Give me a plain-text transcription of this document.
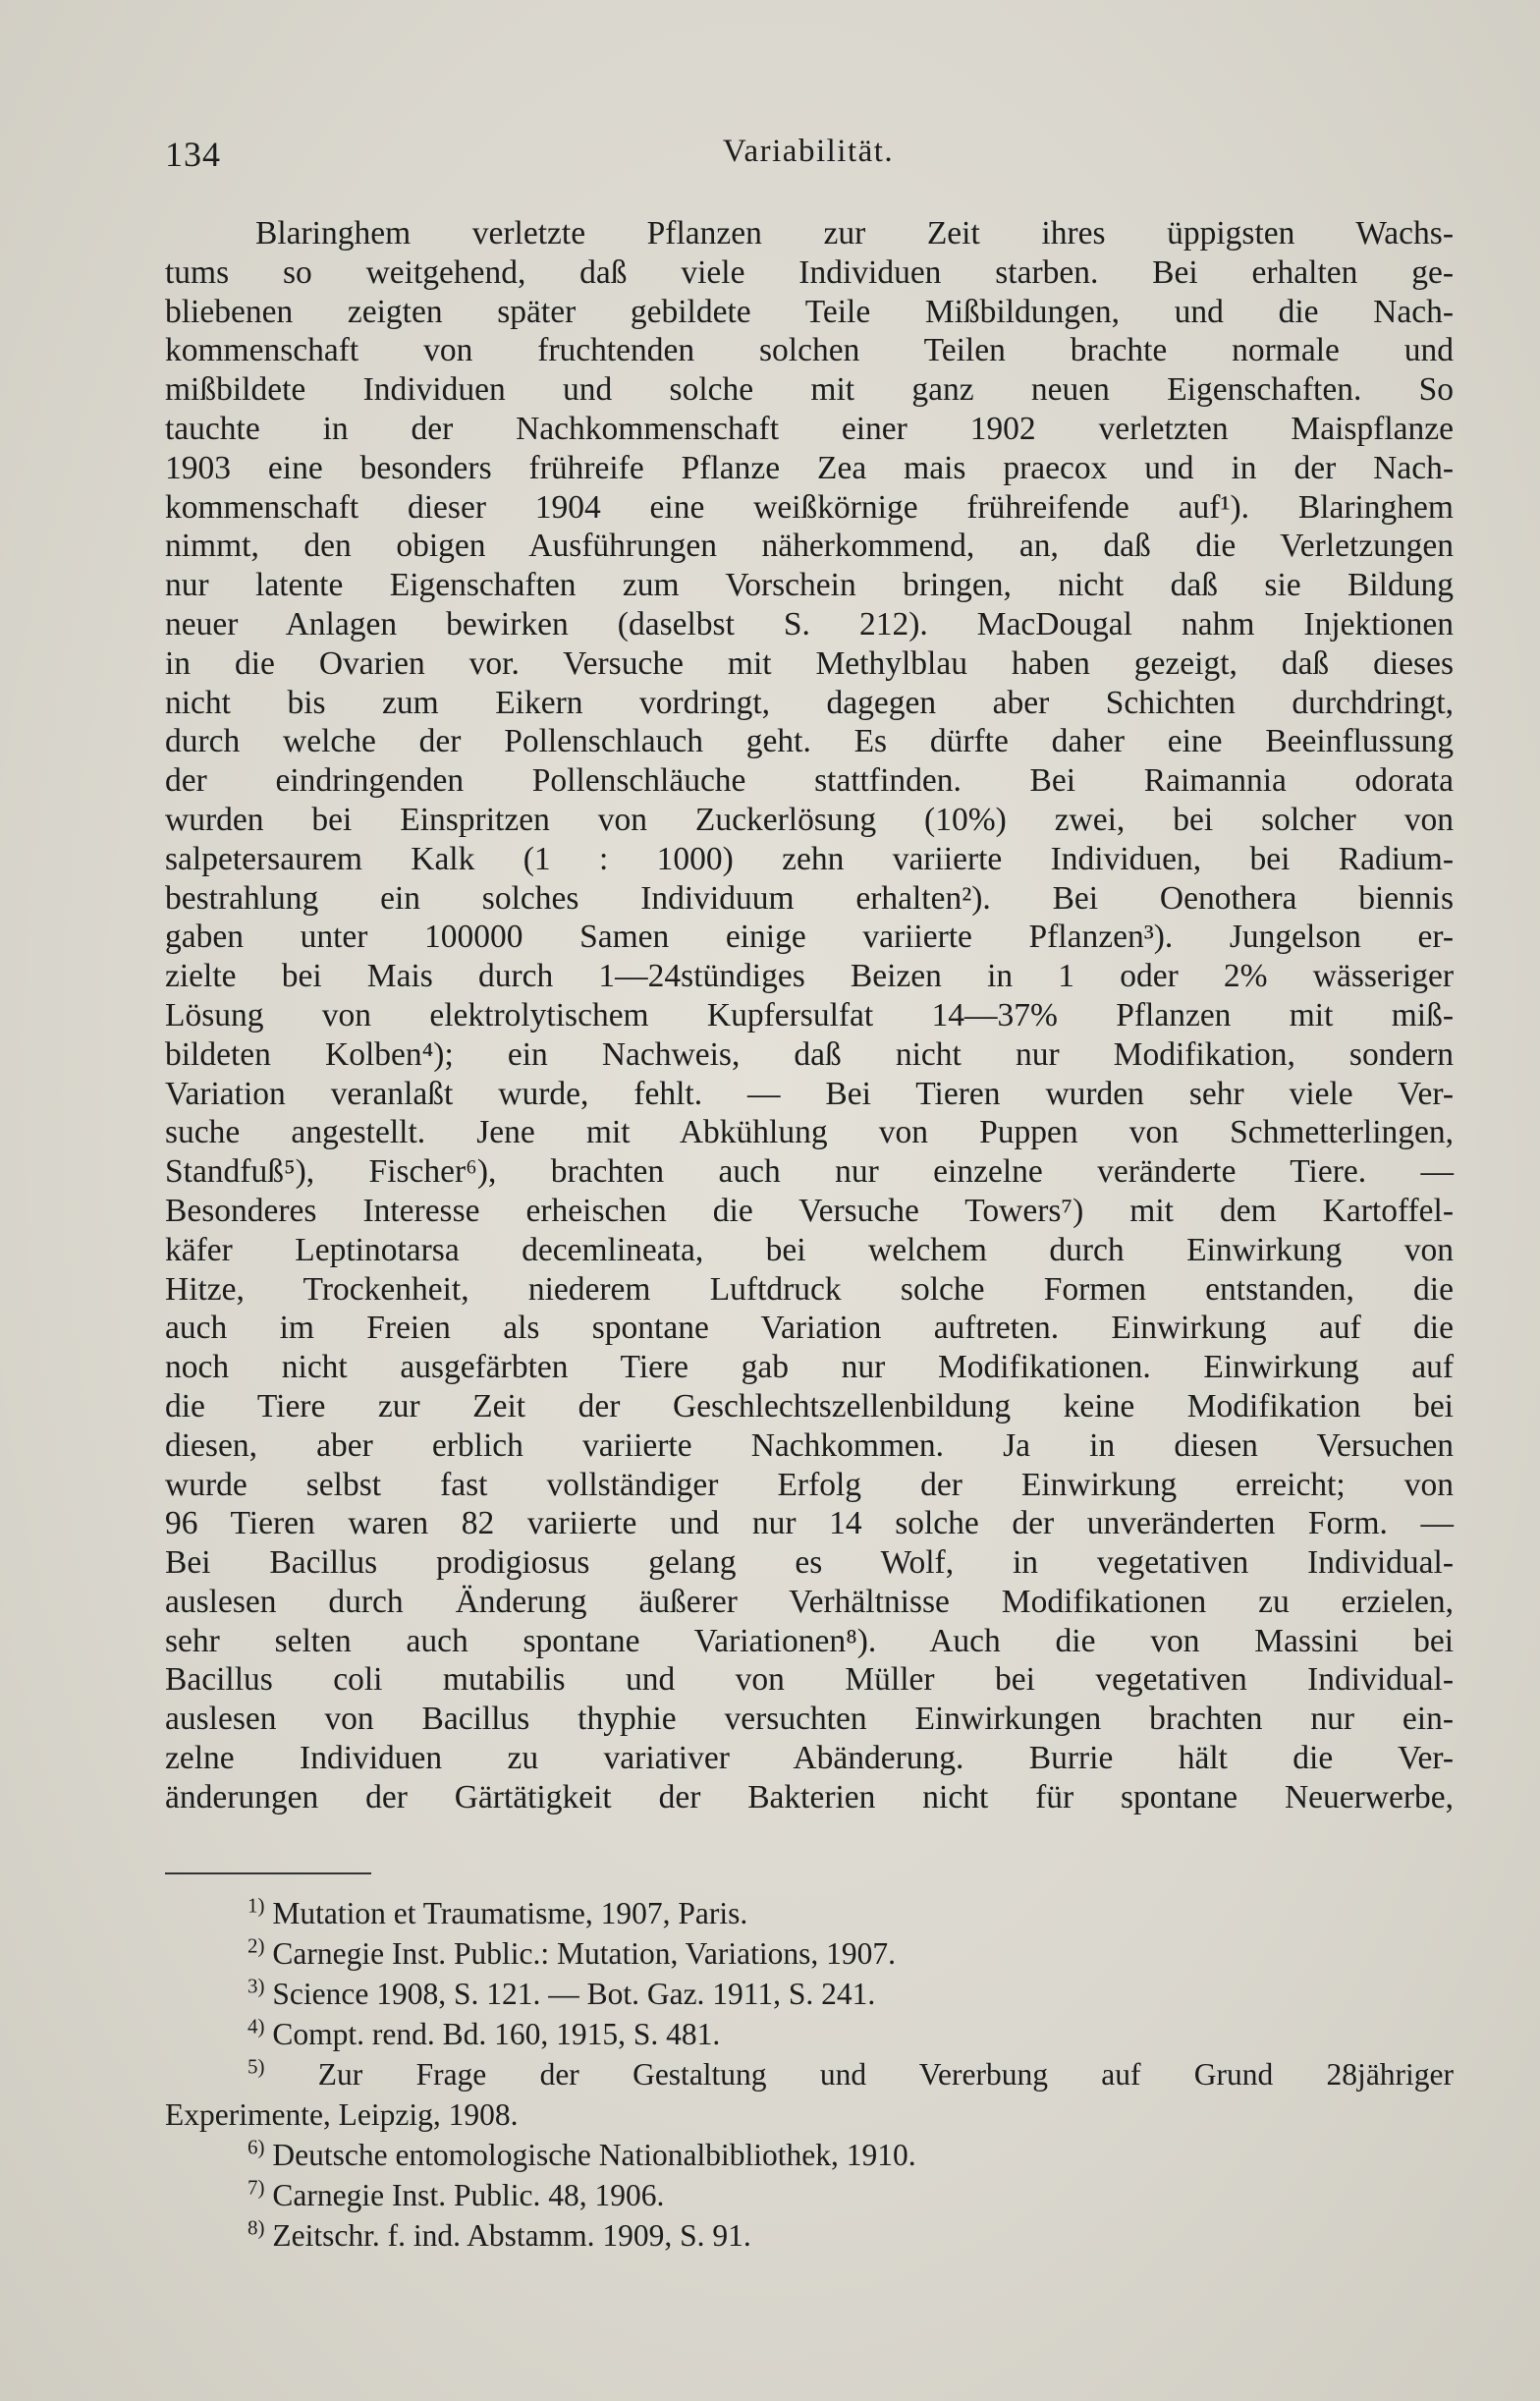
134	Variabilität.
Blaringhem verletzte Pflanzen zur Zeit ihres üppigsten Wachs-
tums so weitgehend, daß viele Individuen starben. Bei erhalten ge-
bliebenen zeigten später gebildete Teile Mißbildungen, und die Nach-
kommenschaft von fruchtenden solchen Teilen brachte normale und
mißbildete Individuen und solche mit ganz neuen Eigenschaften. So
tauchte in der Nachkommenschaft einer 1902 verletzten Maispflanze
1903 eine besonders frühreife Pflanze Zea mais praecox und in der Nach-
kommenschaft dieser 1904 eine weißkörnige frühreifende auf¹). Blaringhem
nimmt, den obigen Ausführungen näherkommend, an, daß die Verletzungen
nur latente Eigenschaften zum Vorschein bringen, nicht daß sie Bildung
neuer Anlagen bewirken (daselbst S. 212). MacDougal nahm Injektionen
in die Ovarien vor. Versuche mit Methylblau haben gezeigt, daß dieses
nicht bis zum Eikern vordringt, dagegen aber Schichten durchdringt,
durch welche der Pollenschlauch geht. Es dürfte daher eine Beeinflussung
der eindringenden Pollenschläuche stattfinden. Bei Raimannia odorata
wurden bei Einspritzen von Zuckerlösung (10%) zwei, bei solcher von
salpetersaurem Kalk (1 : 1000) zehn variierte Individuen, bei Radium-
bestrahlung ein solches Individuum erhalten²). Bei Oenothera biennis
gaben unter 100000 Samen einige variierte Pflanzen³). Jungelson er-
zielte bei Mais durch 1—24stündiges Beizen in 1 oder 2% wässeriger
Lösung von elektrolytischem Kupfersulfat 14—37% Pflanzen mit miß-
bildeten Kolben⁴); ein Nachweis, daß nicht nur Modifikation, sondern
Variation veranlaßt wurde, fehlt. — Bei Tieren wurden sehr viele Ver-
suche angestellt. Jene mit Abkühlung von Puppen von Schmetterlingen,
Standfuß⁵), Fischer⁶), brachten auch nur einzelne veränderte Tiere. —
Besonderes Interesse erheischen die Versuche Towers⁷) mit dem Kartoffel-
käfer Leptinotarsa decemlineata, bei welchem durch Einwirkung von
Hitze, Trockenheit, niederem Luftdruck solche Formen entstanden, die
auch im Freien als spontane Variation auftreten. Einwirkung auf die
noch nicht ausgefärbten Tiere gab nur Modifikationen. Einwirkung auf
die Tiere zur Zeit der Geschlechtszellenbildung keine Modifikation bei
diesen, aber erblich variierte Nachkommen. Ja in diesen Versuchen
wurde selbst fast vollständiger Erfolg der Einwirkung erreicht; von
96 Tieren waren 82 variierte und nur 14 solche der unveränderten Form. —
Bei Bacillus prodigiosus gelang es Wolf, in vegetativen Individual-
auslesen durch Änderung äußerer Verhältnisse Modifikationen zu erzielen,
sehr selten auch spontane Variationen⁸). Auch die von Massini bei
Bacillus coli mutabilis und von Müller bei vegetativen Individual-
auslesen von Bacillus thyphie versuchten Einwirkungen brachten nur ein-
zelne Individuen zu variativer Abänderung. Burrie hält die Ver-
änderungen der Gärtätigkeit der Bakterien nicht für spontane Neuerwerbe,
$^{1)}$ Mutation et Traumatisme, 1907, Paris.
$^{2)}$ Carnegie Inst. Public.: Mutation, Variations, 1907.
$^{3)}$ Science 1908, S. 121. — Bot. Gaz. 1911, S. 241.
$^{4)}$ Compt. rend. Bd. 160, 1915, S. 481.
$^{5)}$ Zur Frage der Gestaltung und Vererbung auf Grund 28jähriger
Experimente, Leipzig, 1908.
$^{6)}$ Deutsche entomologische Nationalbibliothek, 1910.
$^{7)}$ Carnegie Inst. Public. 48, 1906.
$^{8)}$ Zeitschr. f. ind. Abstamm. 1909, S. 91.
